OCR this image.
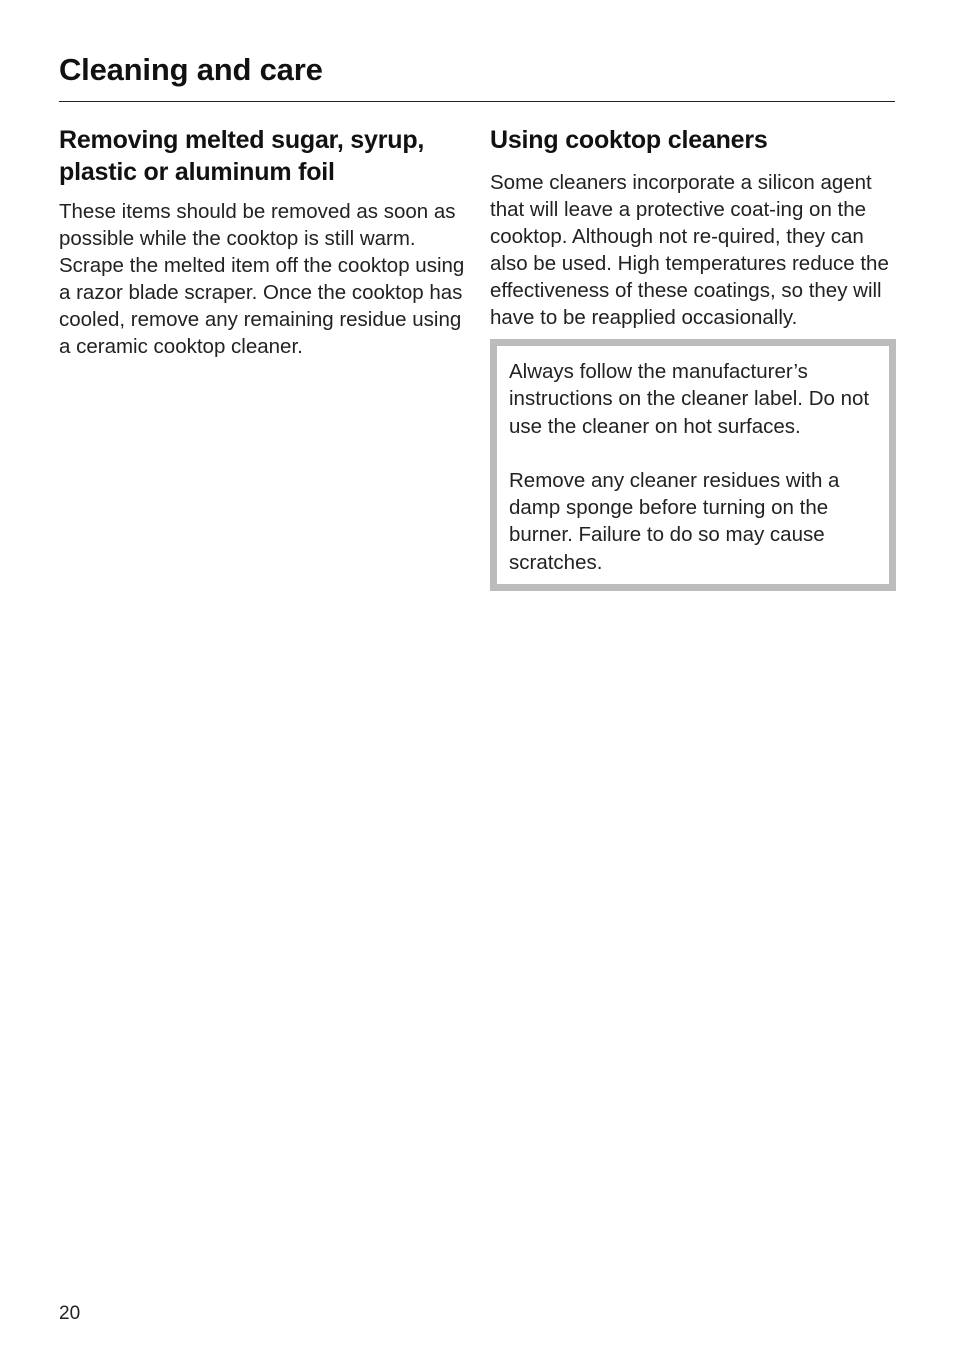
Cleaning and care
Removing melted sugar, syrup, plastic or aluminum foil

These items should be removed as soon as possible while the cooktop is still warm. Scrape the melted item off the cooktop using a razor blade scraper. Once the cooktop has cooled, remove any remaining residue using a ceramic cooktop cleaner.

Using cooktop cleaners

Some cleaners incorporate a silicon agent that will leave a protective coat-ing on the cooktop. Although not re-quired, they can also be used. High temperatures reduce the effectiveness of these coatings, so they will have to be reapplied occasionally.

Always follow the manufacturer’s instructions on the cleaner label. Do not use the cleaner on hot surfaces.

Remove any cleaner residues with a damp sponge before turning on the burner. Failure to do so may cause scratches.

20
